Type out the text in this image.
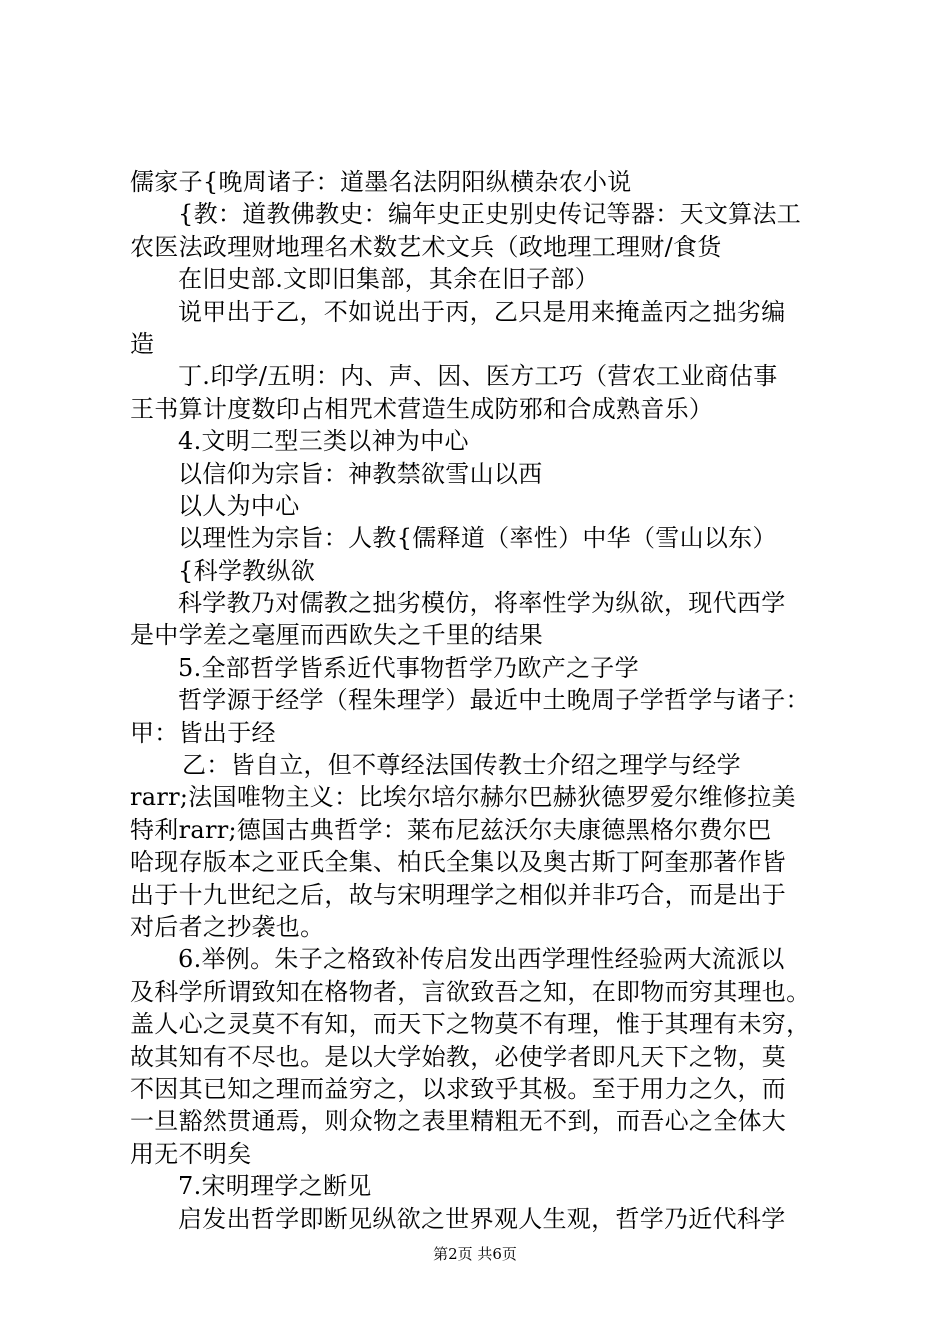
儒家子{晚周诸子：道墨名法阴阳纵横杂农小说
{教：道教佛教史：编年史正史别史传记等器：天文算法工
农医法政理财地理名术数艺术文兵（政地理工理财/食货
在旧史部.文即旧集部，其余在旧子部）
说甲出于乙，不如说出于丙，乙只是用来掩盖丙之拙劣编
造
丁.印学/五明：内、声、因、医方工巧（营农工业商估事
王书算计度数印占相咒术营造生成防邪和合成熟音乐）
4.文明二型三类以神为中心
以信仰为宗旨：神教禁欲雪山以西
以人为中心
以理性为宗旨：人教{儒释道（率性）中华（雪山以东）
{科学教纵欲
科学教乃对儒教之拙劣模仿，将率性学为纵欲，现代西学
是中学差之毫厘而西欧失之千里的结果
5.全部哲学皆系近代事物哲学乃欧产之子学
哲学源于经学（程朱理学）最近中土晚周子学哲学与诸子：
甲：皆出于经
乙：皆自立，但不尊经法国传教士介绍之理学与经学
rarr;法国唯物主义：比埃尔培尔赫尔巴赫狄德罗爱尔维修拉美
特利rarr;德国古典哲学：莱布尼兹沃尔夫康德黑格尔费尔巴
哈现存版本之亚氏全集、柏氏全集以及奥古斯丁阿奎那著作皆
出于十九世纪之后，故与宋明理学之相似并非巧合，而是出于
对后者之抄袭也。
6.举例。朱子之格致补传启发出西学理性经验两大流派以
及科学所谓致知在格物者，言欲致吾之知，在即物而穷其理也。
盖人心之灵莫不有知，而天下之物莫不有理，惟于其理有未穷，
故其知有不尽也。是以大学始教，必使学者即凡天下之物，莫
不因其已知之理而益穷之，以求致乎其极。至于用力之久，而
一旦豁然贯通焉，则众物之表里精粗无不到，而吾心之全体大
用无不明矣
7.宋明理学之断见
启发出哲学即断见纵欲之世界观人生观，哲学乃近代科学
第2页 共6页
